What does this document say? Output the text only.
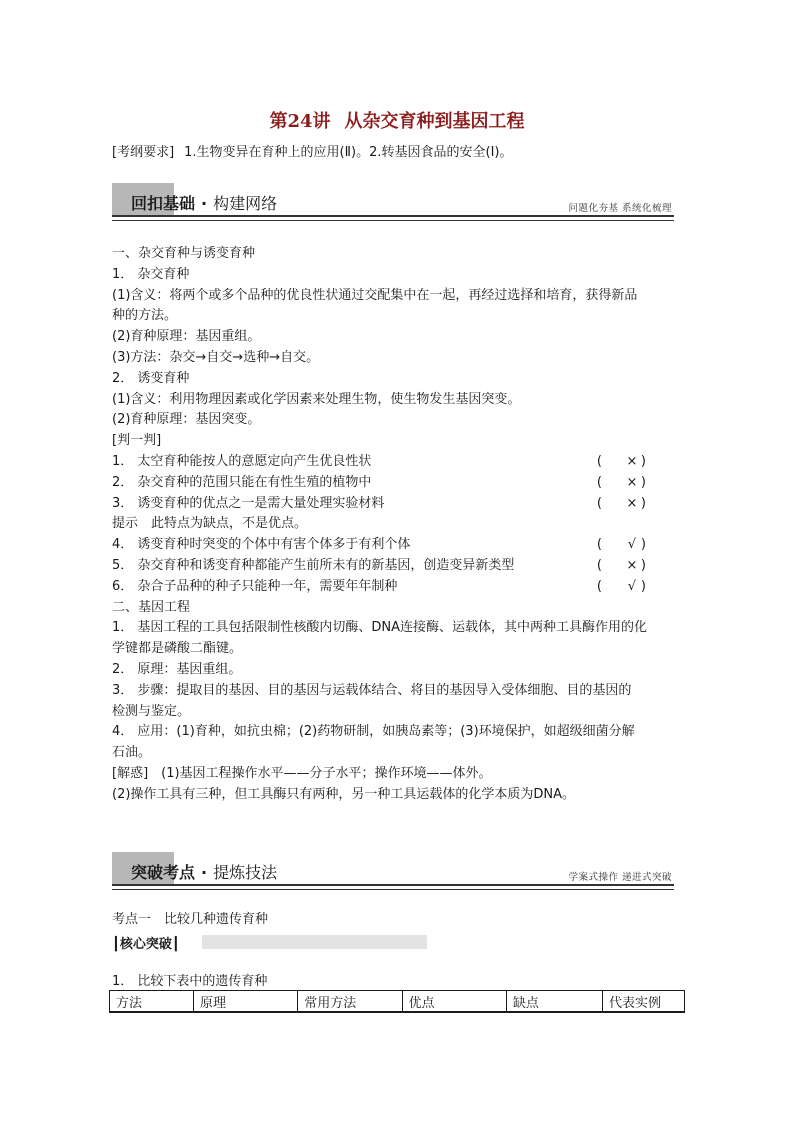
第24讲 从杂交育种到基因工程
[考纲要求] 1.生物变异在育种上的应用(Ⅱ)。2.转基因食品的安全(Ⅰ)。
回扣基础 · 构建网络	问题化夯基 系统化梳理
一、杂交育种与诱变育种
1． 杂交育种
(1)含义：将两个或多个品种的优良性状通过交配集中在一起，再经过选择和培育，获得新品
种的方法。
(2)育种原理：基因重组。
(3)方法：杂交→自交→选种→自交。
2． 诱变育种
(1)含义：利用物理因素或化学因素来处理生物，使生物发生基因突变。
(2)育种原理：基因突变。
[判一判]
1． 太空育种能按人的意愿定向产生优良性状	( × )
2． 杂交育种的范围只能在有性生殖的植物中	( × )
3． 诱变育种的优点之一是需大量处理实验材料	( × )
提示　此特点为缺点，不是优点。
4． 诱变育种时突变的个体中有害个体多于有利个体	( √ )
5． 杂交育种和诱变育种都能产生前所未有的新基因，创造变异新类型	( × )
6． 杂合子品种的种子只能种一年，需要年年制种	( √ )
二、基因工程
1． 基因工程的工具包括限制性核酸内切酶、DNA连接酶、运载体，其中两种工具酶作用的化
学键都是磷酸二酯键。
2． 原理：基因重组。
3． 步骤：提取目的基因、目的基因与运载体结合、将目的基因导入受体细胞、目的基因的
检测与鉴定。
4． 应用：(1)育种，如抗虫棉；(2)药物研制，如胰岛素等；(3)环境保护，如超级细菌分解
石油。
[解惑]　(1)基因工程操作水平——分子水平；操作环境——体外。
(2)操作工具有三种，但工具酶只有两种，另一种工具运载体的化学本质为DNA。
突破考点 · 提炼技法	学案式操作 递进式突破
考点一　比较几种遗传育种
┃核心突破┃
1． 比较下表中的遗传育种
方法	原理	常用方法	优点	缺点	代表实例
